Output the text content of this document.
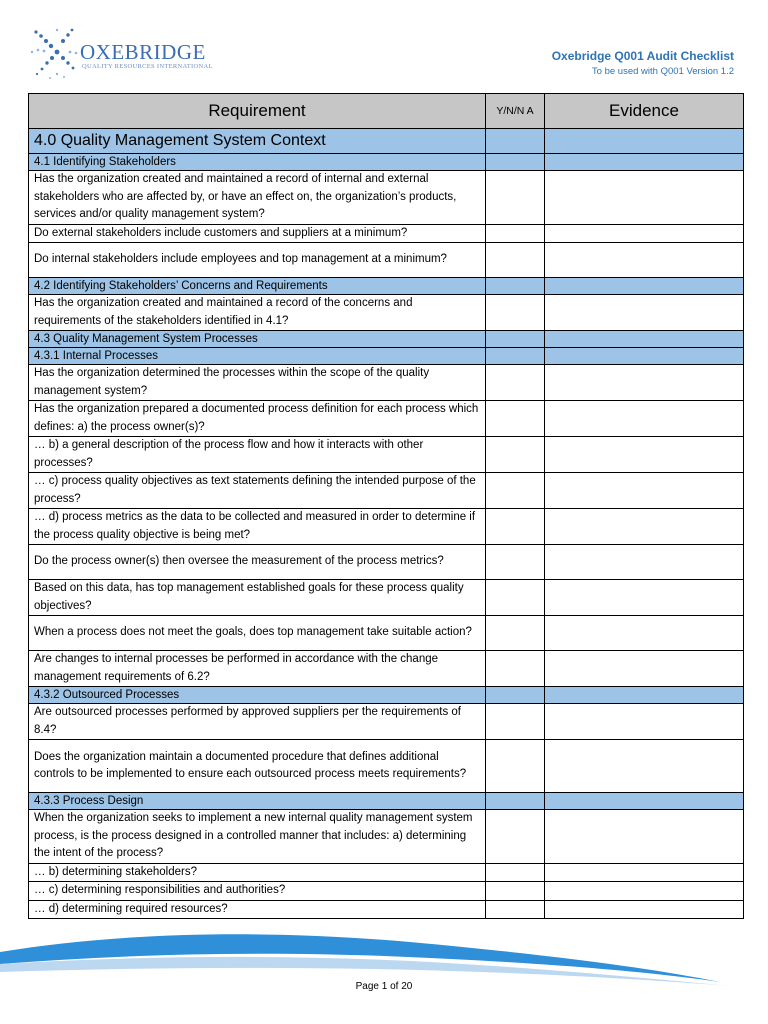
OXEBRIDGE
QUALITY RESOURCES INTERNATIONAL
Oxebridge Q001 Audit Checklist
To be used with Q001 Version 1.2
Requirement	Y/N/N A	Evidence
4.0 Quality Management System Context		
4.1 Identifying Stakeholders		
Has the organization created and maintained a record of internal and external stakeholders who are affected by, or have an effect on, the organization’s products, services and/or quality management system?		
Do external stakeholders include customers and suppliers at a minimum?		
Do internal stakeholders include employees and top management at a minimum?		
4.2 Identifying Stakeholders’ Concerns and Requirements		
Has the organization created and maintained a record of the concerns and requirements of the stakeholders identified in 4.1?		
4.3 Quality Management System Processes		
4.3.1 Internal Processes		
Has the organization determined the processes within the scope of the quality management system?		
Has the organization prepared a documented process definition for each process which defines: a) the process owner(s)?		
… b) a general description of the process flow and how it interacts with other processes?		
… c) process quality objectives as text statements defining the intended purpose of the process?		
… d) process metrics as the data to be collected and measured in order to determine if the process quality objective is being met?		
Do the process owner(s) then oversee the measurement of the process metrics?		
Based on this data, has top management established goals for these process quality objectives?		
When a process does not meet the goals, does top management take suitable action?		
Are changes to internal processes be performed in accordance with the change management requirements of 6.2?		
4.3.2 Outsourced Processes		
Are outsourced processes performed by approved suppliers per the requirements of 8.4?		
Does the organization maintain a documented procedure that defines additional controls to be implemented to ensure each outsourced process meets requirements?		
4.3.3 Process Design		
When the organization seeks to implement a new internal quality management system process, is the process designed in a controlled manner that includes: a) determining the intent of the process?		
… b) determining stakeholders?		
… c) determining responsibilities and authorities?		
… d) determining required resources?		
Page 1 of 20
